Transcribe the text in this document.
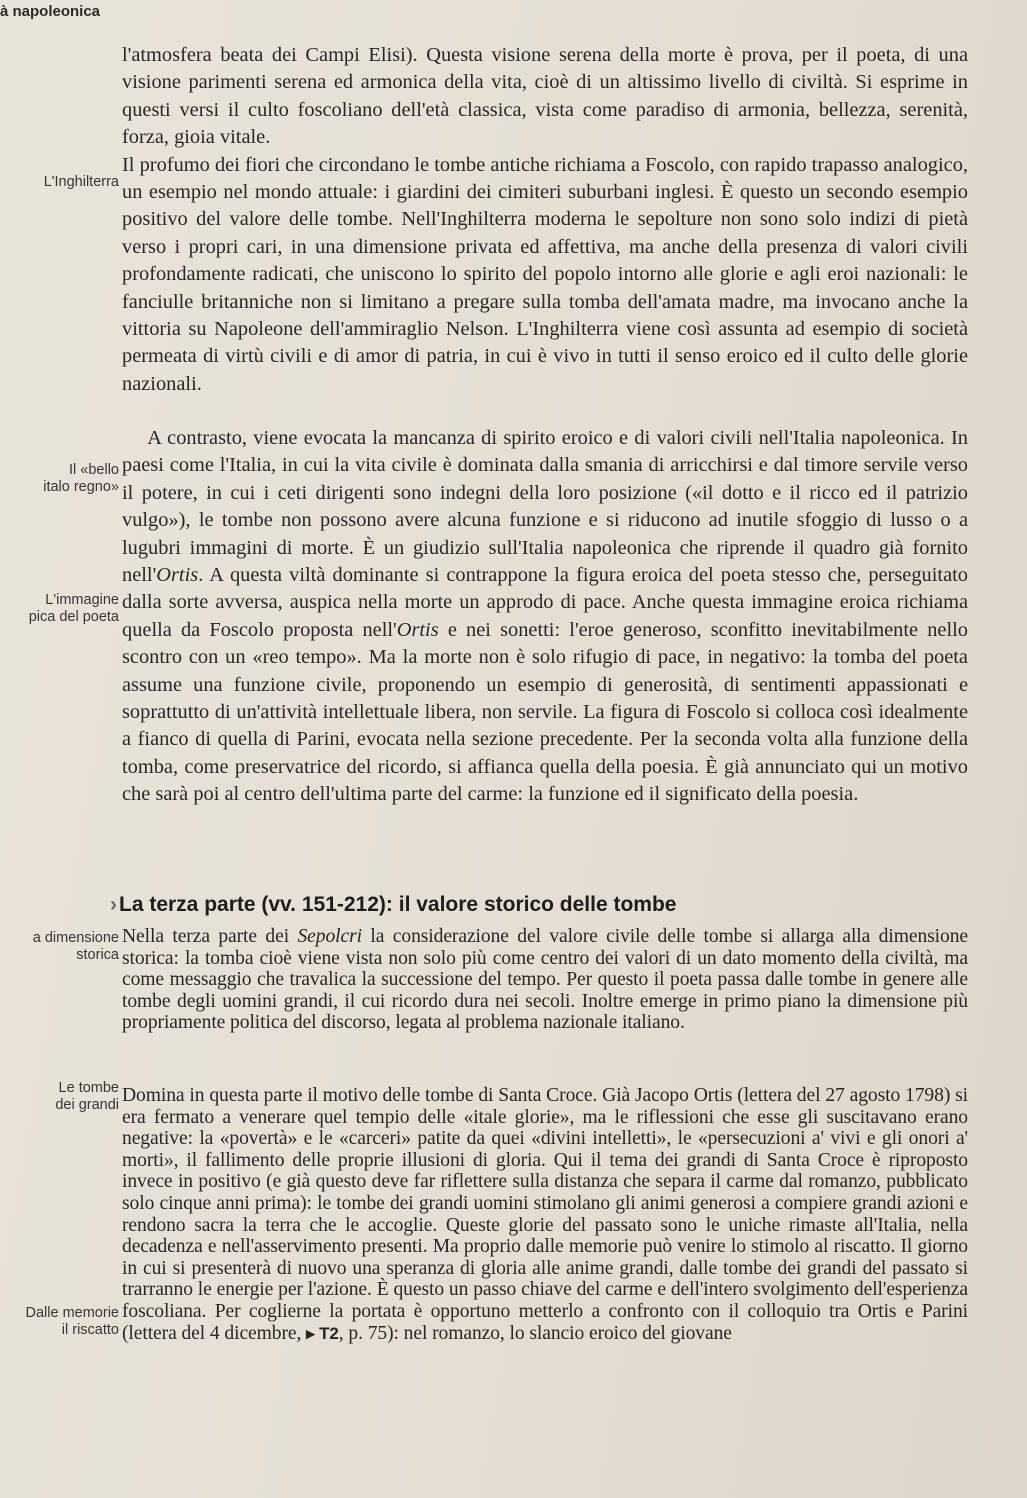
à napoleonica
L'Inghilterra
Il «bello
italo regno»
L'immagine
pica del poeta
a dimensione
storica
Le tombe
dei grandi
Dalle memorie
il riscatto
l'atmosfera beata dei Campi Elisi). Questa visione serena della morte è prova, per il poeta, di una visione parimenti serena ed armonica della vita, cioè di un altissimo livello di civiltà. Si esprime in questi versi il culto foscoliano dell'età classica, vista come paradiso di armonia, bellezza, serenità, forza, gioia vitale.
Il profumo dei fiori che circondano le tombe antiche richiama a Foscolo, con rapido trapasso analogico, un esempio nel mondo attuale: i giardini dei cimiteri suburbani inglesi. È questo un secondo esempio positivo del valore delle tombe. Nell'Inghilterra moderna le sepolture non sono solo indizi di pietà verso i propri cari, in una dimensione privata ed affettiva, ma anche della presenza di valori civili profondamente radicati, che uniscono lo spirito del popolo intorno alle glorie e agli eroi nazionali: le fanciulle britanniche non si limitano a pregare sulla tomba dell'amata madre, ma invocano anche la vittoria su Napoleone dell'ammiraglio Nelson. L'Inghilterra viene così assunta ad esempio di società permeata di virtù civili e di amor di patria, in cui è vivo in tutti il senso eroico ed il culto delle glorie nazionali.
A contrasto, viene evocata la mancanza di spirito eroico e di valori civili nell'Italia napoleonica. In paesi come l'Italia, in cui la vita civile è dominata dalla smania di arricchirsi e dal timore servile verso il potere, in cui i ceti dirigenti sono indegni della loro posizione («il dotto e il ricco ed il patrizio vulgo»), le tombe non possono avere alcuna funzione e si riducono ad inutile sfoggio di lusso o a lugubri immagini di morte. È un giudizio sull'Italia napoleonica che riprende il quadro già fornito nell'Ortis. A questa viltà dominante si contrappone la figura eroica del poeta stesso che, perseguitato dalla sorte avversa, auspica nella morte un approdo di pace. Anche questa immagine eroica richiama quella da Foscolo proposta nell'Ortis e nei sonetti: l'eroe generoso, sconfitto inevitabilmente nello scontro con un «reo tempo». Ma la morte non è solo rifugio di pace, in negativo: la tomba del poeta assume una funzione civile, proponendo un esempio di generosità, di sentimenti appassionati e soprattutto di un'attività intellettuale libera, non servile. La figura di Foscolo si colloca così idealmente a fianco di quella di Parini, evocata nella sezione precedente. Per la seconda volta alla funzione della tomba, come preservatrice del ricordo, si affianca quella della poesia. È già annunciato qui un motivo che sarà poi al centro dell'ultima parte del carme: la funzione ed il significato della poesia.
›La terza parte (vv. 151-212): il valore storico delle tombe
Nella terza parte dei Sepolcri la considerazione del valore civile delle tombe si allarga alla dimensione storica: la tomba cioè viene vista non solo più come centro dei valori di un dato momento della civiltà, ma come messaggio che travalica la successione del tempo. Per questo il poeta passa dalle tombe in genere alle tombe degli uomini grandi, il cui ricordo dura nei secoli. Inoltre emerge in primo piano la dimensione più propriamente politica del discorso, legata al problema nazionale italiano.
Domina in questa parte il motivo delle tombe di Santa Croce. Già Jacopo Ortis (lettera del 27 agosto 1798) si era fermato a venerare quel tempio delle «itale glorie», ma le riflessioni che esse gli suscitavano erano negative: la «povertà» e le «carceri» patite da quei «divini intelletti», le «persecuzioni a' vivi e gli onori a' morti», il fallimento delle proprie illusioni di gloria. Qui il tema dei grandi di Santa Croce è riproposto invece in positivo (e già questo deve far riflettere sulla distanza che separa il carme dal romanzo, pubblicato solo cinque anni prima): le tombe dei grandi uomini stimolano gli animi generosi a compiere grandi azioni e rendono sacra la terra che le accoglie. Queste glorie del passato sono le uniche rimaste all'Italia, nella decadenza e nell'asservimento presenti. Ma proprio dalle memorie può venire lo stimolo al riscatto. Il giorno in cui si presenterà di nuovo una speranza di gloria alle anime grandi, dalle tombe dei grandi del passato si trarranno le energie per l'azione. È questo un passo chiave del carme e dell'intero svolgimento dell'esperienza foscoliana. Per coglierne la portata è opportuno metterlo a confronto con il colloquio tra Ortis e Parini (lettera del 4 dicembre, ▸ T2, p. 75): nel romanzo, lo slancio eroico del giovane
